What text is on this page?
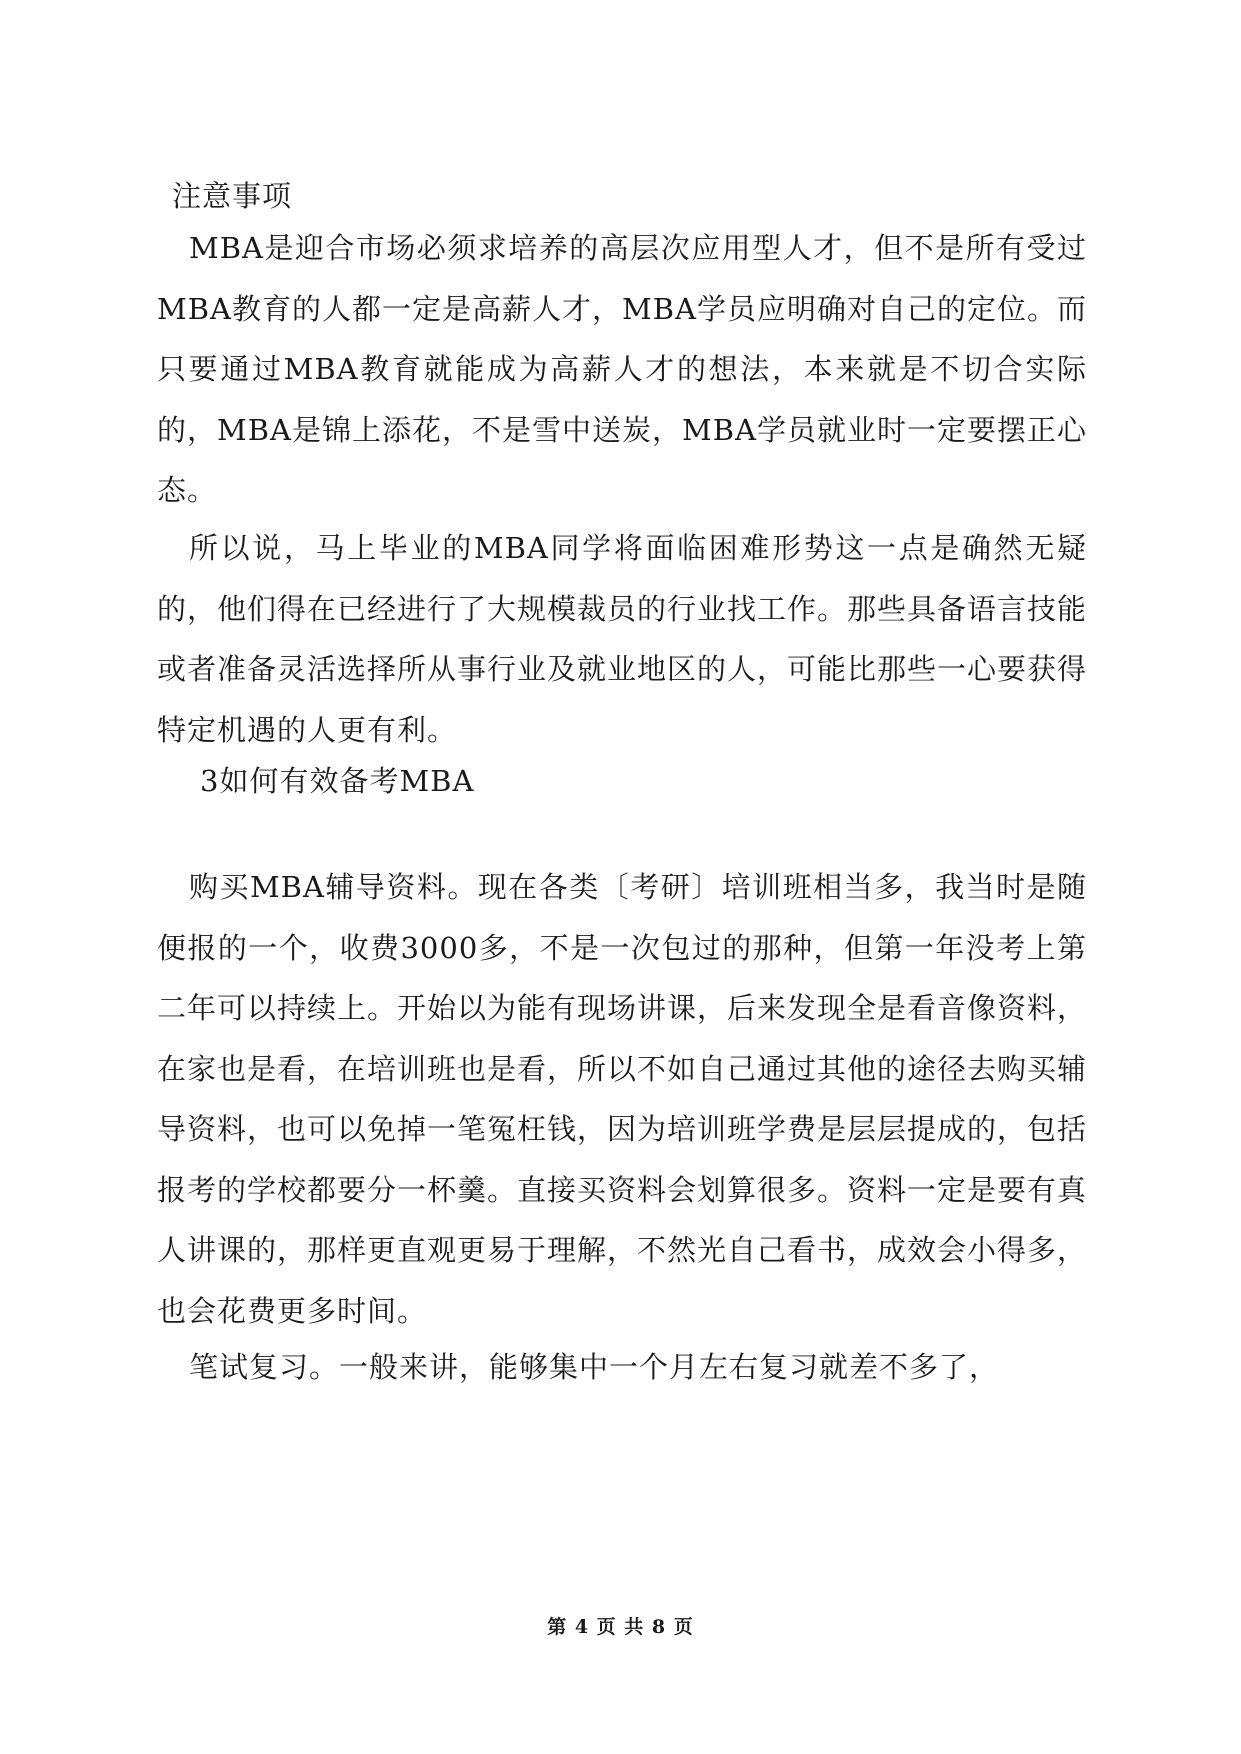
注意事项

MBA是迎合市场必须求培养的高层次应用型人才，但不是所有受过MBA教育的人都一定是高薪人才，MBA学员应明确对自己的定位。而只要通过MBA教育就能成为高薪人才的想法，本来就是不切合实际的，MBA是锦上添花，不是雪中送炭，MBA学员就业时一定要摆正心态。

所以说，马上毕业的MBA同学将面临困难形势这一点是确然无疑的，他们得在已经进行了大规模裁员的行业找工作。那些具备语言技能或者准备灵活选择所从事行业及就业地区的人，可能比那些一心要获得特定机遇的人更有利。

3如何有效备考MBA

购买MBA辅导资料。现在各类〔考研〕培训班相当多，我当时是随便报的一个，收费3000多，不是一次包过的那种，但第一年没考上第二年可以持续上。开始以为能有现场讲课，后来发现全是看音像资料，在家也是看，在培训班也是看，所以不如自己通过其他的途径去购买辅导资料，也可以免掉一笔冤枉钱，因为培训班学费是层层提成的，包括报考的学校都要分一杯羹。直接买资料会划算很多。资料一定是要有真人讲课的，那样更直观更易于理解，不然光自己看书，成效会小得多，也会花费更多时间。

笔试复习。一般来讲，能够集中一个月左右复习就差不多了，

第 4 页 共 8 页
